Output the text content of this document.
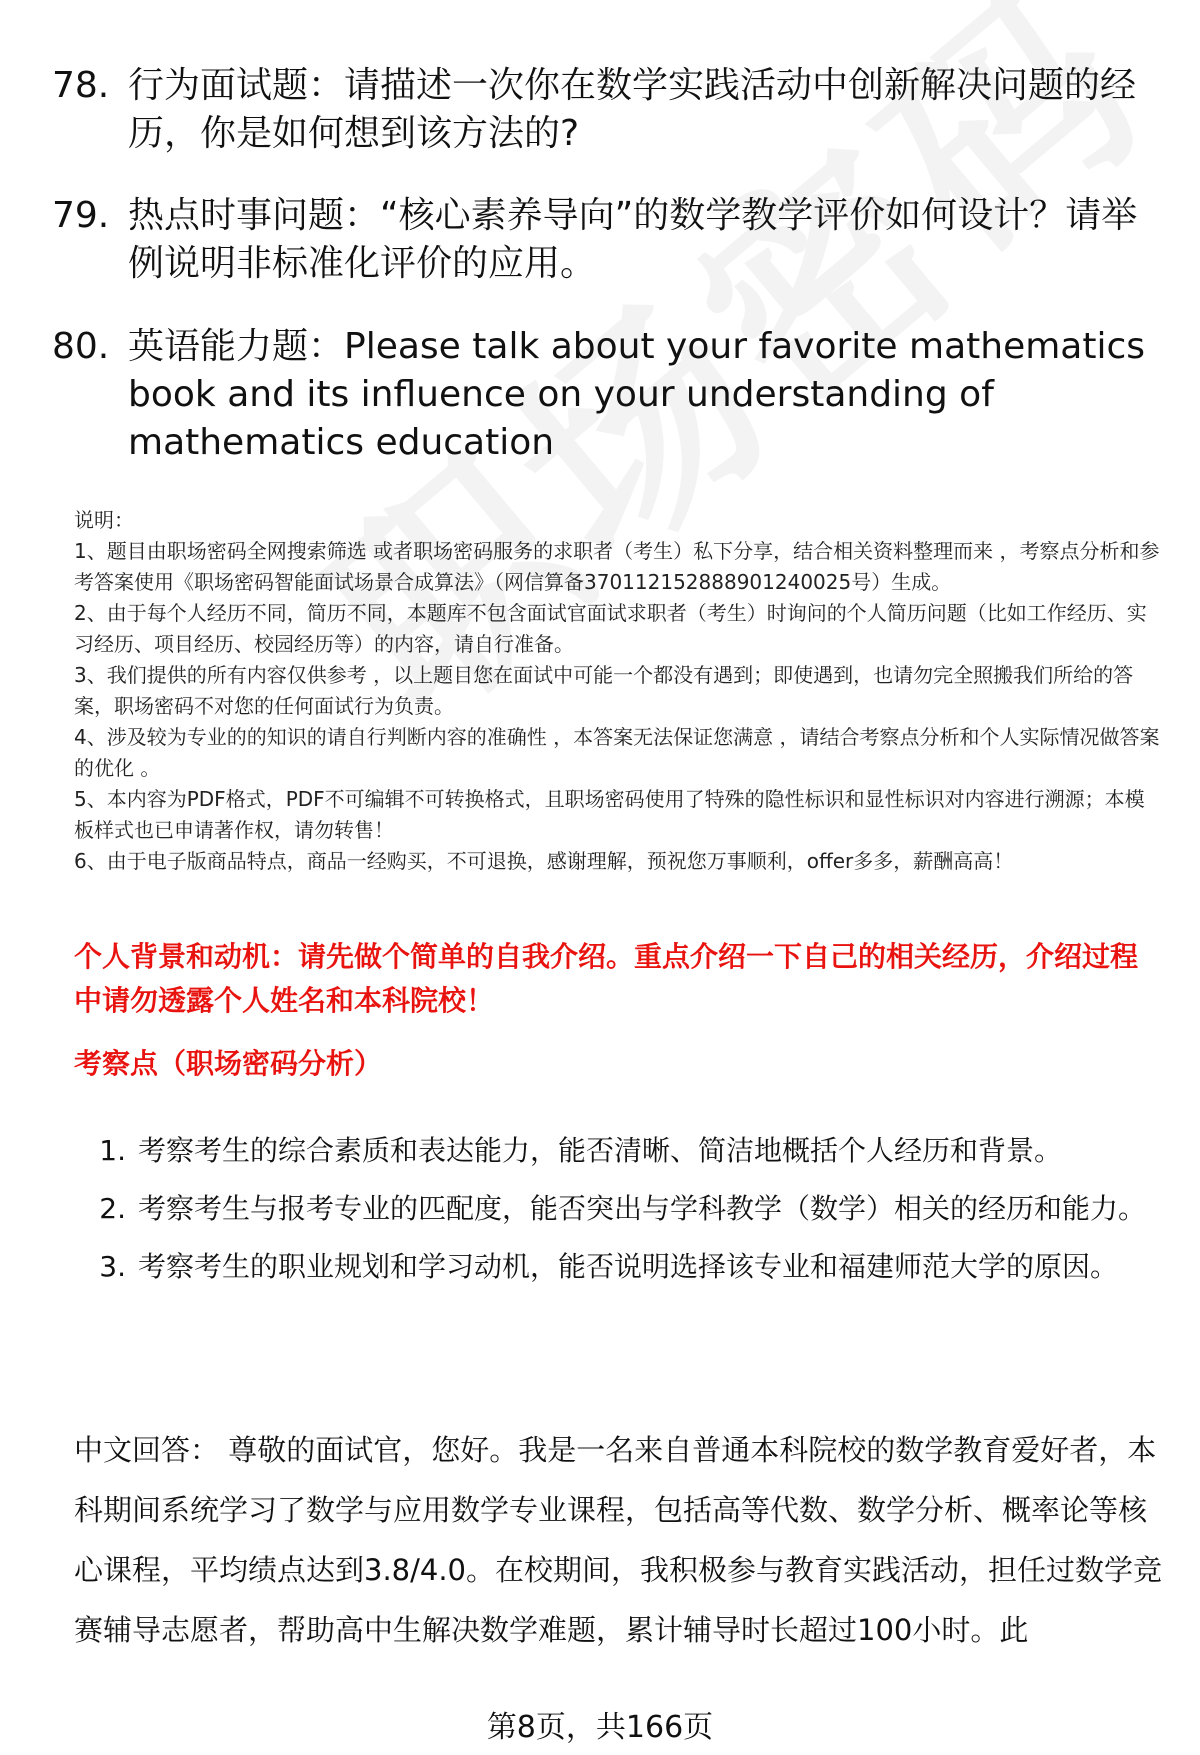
78. 行为面试题：请描述一次你在数学实践活动中创新解决问题的经历，你是如何想到该方法的?
79. 热点时事问题：“核心素养导向”的数学教学评价如何设计？请举例说明非标准化评价的应用。
80. 英语能力题：Please talk about your favorite mathematics book and its influence on your understanding of mathematics education

说明：

1、题目由职场密码全网搜索筛选 或者职场密码服务的求职者（考生）私下分享，结合相关资料整理而来 ，考察点分析和参考答案使用《职场密码智能面试场景合成算法》（网信算备370112152888901240025号）生成。

2、由于每个人经历不同，简历不同，本题库不包含面试官面试求职者（考生）时询问的个人简历问题（比如工作经历、实习经历、项目经历、校园经历等）的内容，请自行准备。

3、我们提供的所有内容仅供参考 ，以上题目您在面试中可能一个都没有遇到；即使遇到，也请勿完全照搬我们所给的答案，职场密码不对您的任何面试行为负责。

4、涉及较为专业的的知识的请自行判断内容的准确性 ，本答案无法保证您满意 ，请结合考察点分析和个人实际情况做答案的优化 。

5、本内容为PDF格式，PDF不可编辑不可转换格式，且职场密码使用了特殊的隐性标识和显性标识对内容进行溯源；本模板样式也已申请著作权，请勿转售！

6、由于电子版商品特点，商品一经购买，不可退换，感谢理解，预祝您万事顺利，offer多多，薪酬高高！

个人背景和动机：请先做个简单的自我介绍。重点介绍一下自己的相关经历，介绍过程中请勿透露个人姓名和本科院校！
考察点（职场密码分析）
1. 考察考生的综合素质和表达能力，能否清晰、简洁地概括个人经历和背景。
2. 考察考生与报考专业的匹配度，能否突出与学科教学（数学）相关的经历和能力。
3. 考察考生的职业规划和学习动机，能否说明选择该专业和福建师范大学的原因。

中文回答： 尊敬的面试官，您好。我是一名来自普通本科院校的数学教育爱好者，本科期间系统学习了数学与应用数学专业课程，包括高等代数、数学分析、概率论等核心课程，平均绩点达到3.8/4.0。在校期间，我积极参与教育实践活动，担任过数学竞赛辅导志愿者，帮助高中生解决数学难题，累计辅导时长超过100小时。此

第8页，共166页
